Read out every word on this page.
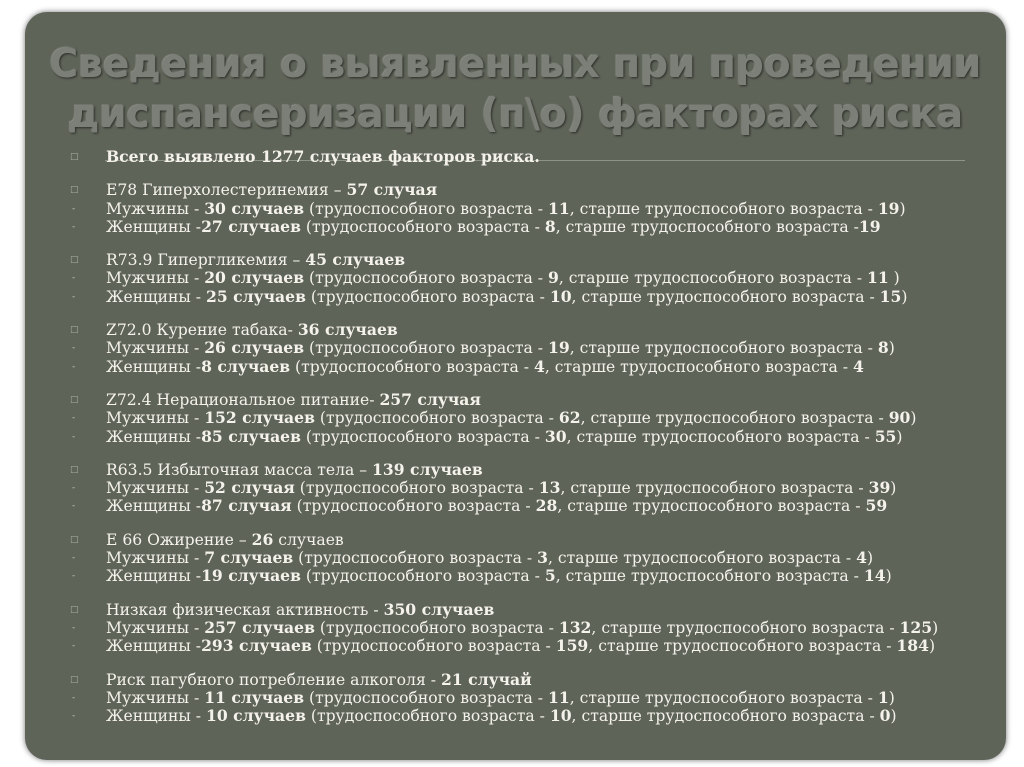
Сведения о выявленных при проведении
диспансеризации (п\о) факторах риска
□ Всего выявлено 1277 случаев факторов риска.
□ Е78 Гиперхолестеринемия – 57 случая
-	Мужчины - 30 случаев (трудоспособного возраста - 11, старше трудоспособного возраста - 19)
-	Женщины -27 случаев (трудоспособного возраста - 8, старше трудоспособного возраста -19
□ R73.9 Гипергликемия – 45 случаев
-	Мужчины - 20 случаев (трудоспособного возраста - 9, старше трудоспособного возраста - 11 )
-	Женщины - 25 случаев (трудоспособного возраста - 10, старше трудоспособного возраста - 15)
□ Z72.0 Курение табака- 36 случаев
-	Мужчины - 26 случаев (трудоспособного возраста - 19, старше трудоспособного возраста - 8)
-	Женщины -8 случаев (трудоспособного возраста - 4, старше трудоспособного возраста - 4
□ Z72.4 Нерациональное питание- 257 случая
-	Мужчины - 152 случаев (трудоспособного возраста - 62, старше трудоспособного возраста - 90)
-	Женщины -85 случаев (трудоспособного возраста - 30, старше трудоспособного возраста - 55)
□ R63.5 Избыточная масса тела – 139 случаев
-	Мужчины - 52 случая (трудоспособного возраста - 13, старше трудоспособного возраста - 39)
-	Женщины -87 случая (трудоспособного возраста - 28, старше трудоспособного возраста - 59
□ Е 66 Ожирение – 26 случаев
-	Мужчины - 7 случаев (трудоспособного возраста - 3, старше трудоспособного возраста - 4)
-	Женщины -19 случаев (трудоспособного возраста - 5, старше трудоспособного возраста - 14)
□ Низкая физическая активность - 350 случаев
-	Мужчины - 257 случаев (трудоспособного возраста - 132, старше трудоспособного возраста - 125)
-	Женщины -293 случаев (трудоспособного возраста - 159, старше трудоспособного возраста - 184)
□ Риск пагубного потребление алкоголя - 21 случай
-	Мужчины - 11 случаев (трудоспособного возраста - 11, старше трудоспособного возраста - 1)
-	Женщины - 10 случаев (трудоспособного возраста - 10, старше трудоспособного возраста - 0)
